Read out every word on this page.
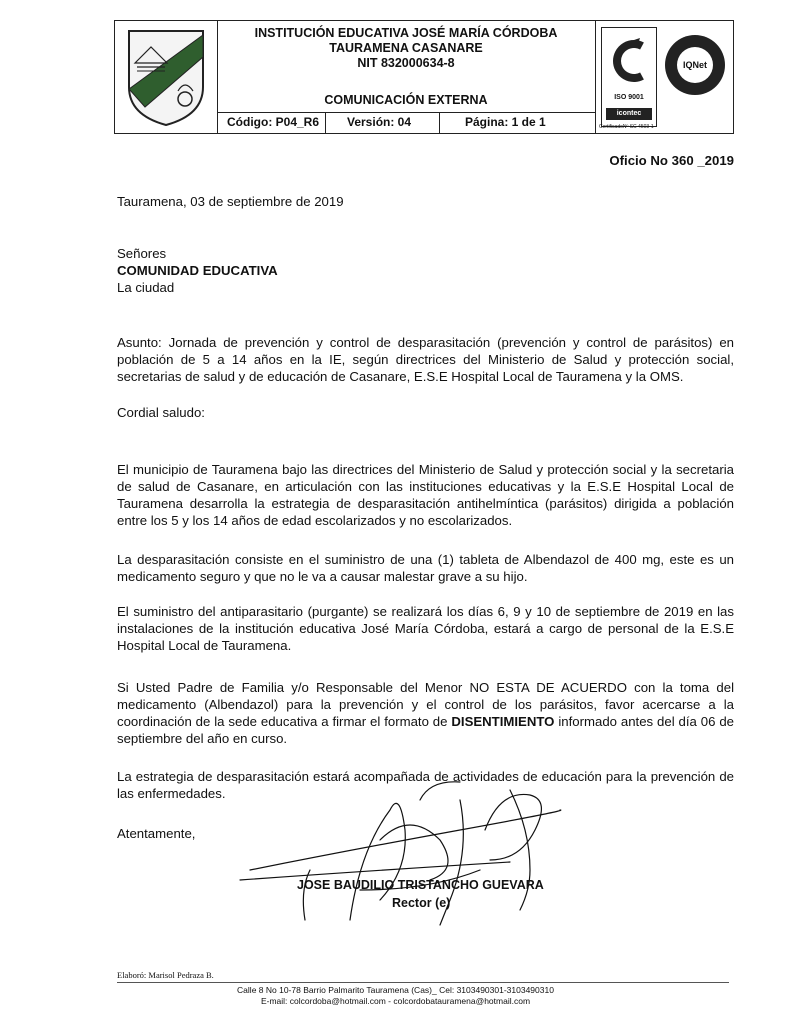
INSTITUCIÓN EDUCATIVA JOSÉ MARÍA CÓRDOBA
TAURAMENA CASANARE
NIT 832000634-8
COMUNICACIÓN EXTERNA
Código: P04_R6 Versión: 04	Página: 1 de 1
ISO 9001
icontec
IQNet
CertificadoNº SC 4503-1
Oficio No 360 _2019
Tauramena, 03 de septiembre de 2019
Señores
COMUNIDAD EDUCATIVA
La ciudad
Asunto: Jornada de prevención y control de desparasitación (prevención y control de parásitos) en población de 5 a 14 años en la IE, según directrices del Ministerio de Salud y protección social, secretarias de salud y de educación de Casanare, E.S.E Hospital Local de Tauramena y la OMS.
Cordial saludo:
El municipio de Tauramena bajo las directrices del Ministerio de Salud y protección social y la secretaria de salud de Casanare, en articulación con las instituciones educativas y la E.S.E Hospital Local de Tauramena desarrolla la estrategia de desparasitación antihelmíntica (parásitos) dirigida a población entre los 5 y los 14 años de edad escolarizados y no escolarizados.
La desparasitación consiste en el suministro de una (1) tableta de Albendazol de 400 mg, este es un medicamento seguro y que no le va a causar malestar grave a su hijo.
El suministro del antiparasitario (purgante) se realizará los días 6, 9 y 10 de septiembre de 2019 en las instalaciones de la institución educativa José María Córdoba, estará a cargo de personal de la E.S.E Hospital Local de Tauramena.
Si Usted Padre de Familia y/o Responsable del Menor NO ESTA DE ACUERDO con la toma del medicamento (Albendazol) para la prevención y el control de los parásitos, favor acercarse a la coordinación de la sede educativa a firmar el formato de DISENTIMIENTO informado antes del día 06 de septiembre del año en curso.
La estrategia de desparasitación estará acompañada de actividades de educación para la prevención de las enfermedades.
Atentamente,
JOSE BAUDILIO TRISTANCHO GUEVARA
Rector (e)
Elaboró: Marisol Pedraza B.
Calle 8 No 10-78 Barrio Palmarito Tauramena (Cas)_ Cel: 3103490301-3103490310
E-mail: colcordoba@hotmail.com - colcordobatauramena@hotmail.com
